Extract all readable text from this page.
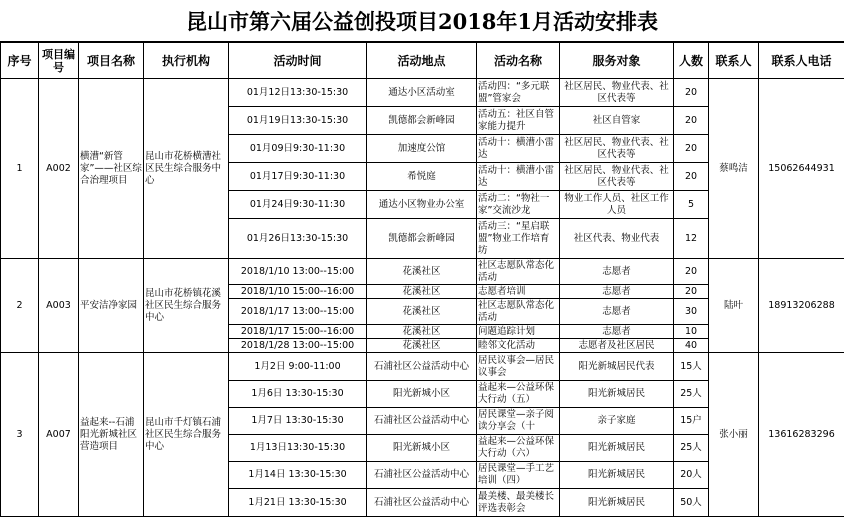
昆山市第六届公益创投项目2018年1月活动安排表
序号	项目编号	项目名称	执行机构	活动时间	活动地点	活动名称	服务对象	人数	联系人	联系人电话
1	A002	横漕“新管家”——社区综合治理项目	昆山市花桥横漕社区民生综合服务中心	01月12日13:30-15:30	通达小区活动室	活动四：“多元联盟”管家会	社区居民、物业代表、社区代表等	20	蔡鸣洁	15062644931
				01月19日13:30-15:30	凯德都会新峰园	活动五：社区自管家能力提升	社区自管家	20		
				01月09日9:30-11:30	加速度公馆	活动十：横漕小雷达	社区居民、物业代表、社区代表等	20		
				01月17日9:30-11:30	希悦庭	活动十：横漕小雷达	社区居民、物业代表、社区代表等	20		
				01月24日9:30-11:30	通达小区物业办公室	活动二：“物社一家”交流沙龙	物业工作人员、社区工作人员	5		
				01月26日13:30-15:30	凯德都会新峰园	活动三：“星启联盟”物业工作培育坊	社区代表、物业代表	12		
2	A003	平安洁净家园	昆山市花桥镇花溪社区民生综合服务中心	2018/1/10 13:00--15:00	花溪社区	社区志愿队常态化活动	志愿者	20	陆叶	18913206288
				2018/1/10 15:00--16:00	花溪社区	志愿者培训	志愿者	20		
				2018/1/17 13:00--15:00	花溪社区	社区志愿队常态化活动	志愿者	30		
				2018/1/17 15:00--16:00	花溪社区	问题追踪计划	志愿者	10		
				2018/1/28 13:00--15:00	花溪社区	睦邻文化活动	志愿者及社区居民	40		
3	A007	益起来--石浦阳光新城社区营造项目	昆山市千灯镇石浦社区民生综合服务中心	1月2日 9:00-11:00	石浦社区公益活动中心	居民议事会—居民议事会	阳光新城居民代表	15人	张小丽	13616283296
				1月6日 13:30-15:30	阳光新城小区	益起来—公益环保大行动（五）	阳光新城居民	25人		
				1月7日 13:30-15:30	石浦社区公益活动中心	居民课堂—亲子阅读分享会（十	亲子家庭	15户		
				1月13日13:30-15:30	阳光新城小区	益起来—公益环保大行动（六）	阳光新城居民	25人		
				1月14日 13:30-15:30	石浦社区公益活动中心	居民课堂—手工艺培训（四）	阳光新城居民	20人		
				1月21日 13:30-15:30	石浦社区公益活动中心	最美楼、最美楼长评选表彰会	阳光新城居民	50人		
